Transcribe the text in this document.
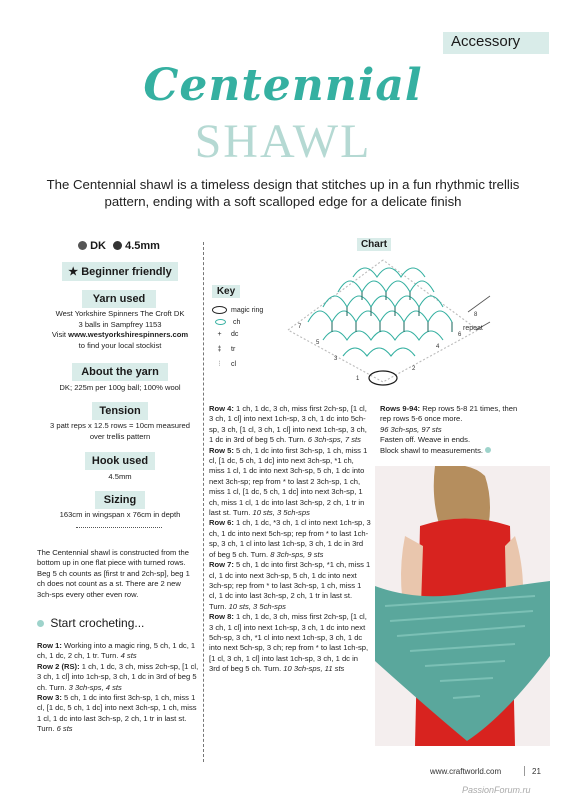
Accessory
Centennial
SHAWL
The Centennial shawl is a timeless design that stitches up in a fun rhythmic trellis pattern, ending with a soft scalloped edge for a delicate finish
DK 4.5mm
★ Beginner friendly
Yarn used
West Yorkshire Spinners The Croft DK
3 balls in Sampfrey 1153
Visit www.westyorkshirespinners.com
to find your local stockist
About the yarn
DK; 225m per 100g ball; 100% wool
Tension
3 patt reps x 12.5 rows = 10cm measured
over trellis pattern
Hook used
4.5mm
Sizing
163cm in wingspan x 76cm in depth
The Centennial shawl is constructed from the bottom up in one flat piece with turned rows. Beg 5 ch counts as [first tr and 2ch-sp], beg 1 ch does not count as a st. There are 2 new 3ch-sps every other even row.
Start crocheting...
Row 1: Working into a magic ring, 5 ch, 1 dc, 1 ch, 1 dc, 2 ch, 1 tr. Turn. 4 sts
Row 2 (RS): 1 ch, 1 dc, 3 ch, miss 2ch-sp, [1 cl, 3 ch, 1 cl] into 1ch-sp, 3 ch, 1 dc in 3rd of beg 5 ch. Turn. 3 3ch-sps, 4 sts
Row 3: 5 ch, 1 dc into first 3ch-sp, 1 ch, miss 1 cl, [1 dc, 5 ch, 1 dc] into next 3ch-sp, 1 ch, miss 1 cl, 1 dc into last 3ch-sp, 2 ch, 1 tr in last st. Turn. 6 sts
Chart
repeat
1
2
3
4
5
6
7
8
Key
magic ring
ch
+ dc
‡ tr
⫶ cl
Row 4: 1 ch, 1 dc, 3 ch, miss first 2ch-sp, [1 cl, 3 ch, 1 cl] into next 1ch-sp, 3 ch, 1 dc into 5ch-sp, 3 ch, [1 cl, 3 ch, 1 cl] into next 1ch-sp, 3 ch, 1 dc in 3rd of beg 5 ch. Turn. 6 3ch-sps, 7 sts
Row 5: 5 ch, 1 dc into first 3ch-sp, 1 ch, miss 1 cl, [1 dc, 5 ch, 1 dc] into next 3ch-sp, *1 ch, miss 1 cl, 1 dc into next 3ch-sp, 5 ch, 1 dc into next 3ch-sp; rep from * to last 2 3ch-sp, 1 ch, miss 1 cl, [1 dc, 5 ch, 1 dc] into next 3ch-sp, 1 ch, miss 1 cl, 1 dc into last 3ch-sp, 2 ch, 1 tr in last st. Turn. 10 sts, 3 5ch-sps
Row 6: 1 ch, 1 dc, *3 ch, 1 cl into next 1ch-sp, 3 ch, 1 dc into next 5ch-sp; rep from * to last 1ch-sp, 3 ch, 1 cl into last 1ch-sp, 3 ch, 1 dc in 3rd of beg 5 ch. Turn. 8 3ch-sps, 9 sts
Row 7: 5 ch, 1 dc into first 3ch-sp, *1 ch, miss 1 cl, 1 dc into next 3ch-sp, 5 ch, 1 dc into next 3ch-sp; rep from * to last 3ch-sp, 1 ch, miss 1 cl, 1 dc into last 3ch-sp, 2 ch, 1 tr in last st. Turn. 10 sts, 3 5ch-sps
Row 8: 1 ch, 1 dc, 3 ch, miss first 2ch-sp, [1 cl, 3 ch, 1 cl] into next 1ch-sp, 3 ch, 1 dc into next 5ch-sp, 3 ch, *1 cl into next 1ch-sp, 3 ch, 1 dc into next 5ch-sp, 3 ch; rep from * to last 1ch-sp, [1 cl, 3 ch, 1 cl] into last 1ch-sp, 3 ch, 1 dc in 3rd of beg 5 ch. Turn. 10 3ch-sps, 11 sts
Rows 9-94: Rep rows 5-8 21 times, then rep rows 5-6 once more.
96 3ch-sps, 97 sts
Fasten off. Weave in ends.
Block shawl to measurements.
www.craftworld.com	21
PassionForum.ru
